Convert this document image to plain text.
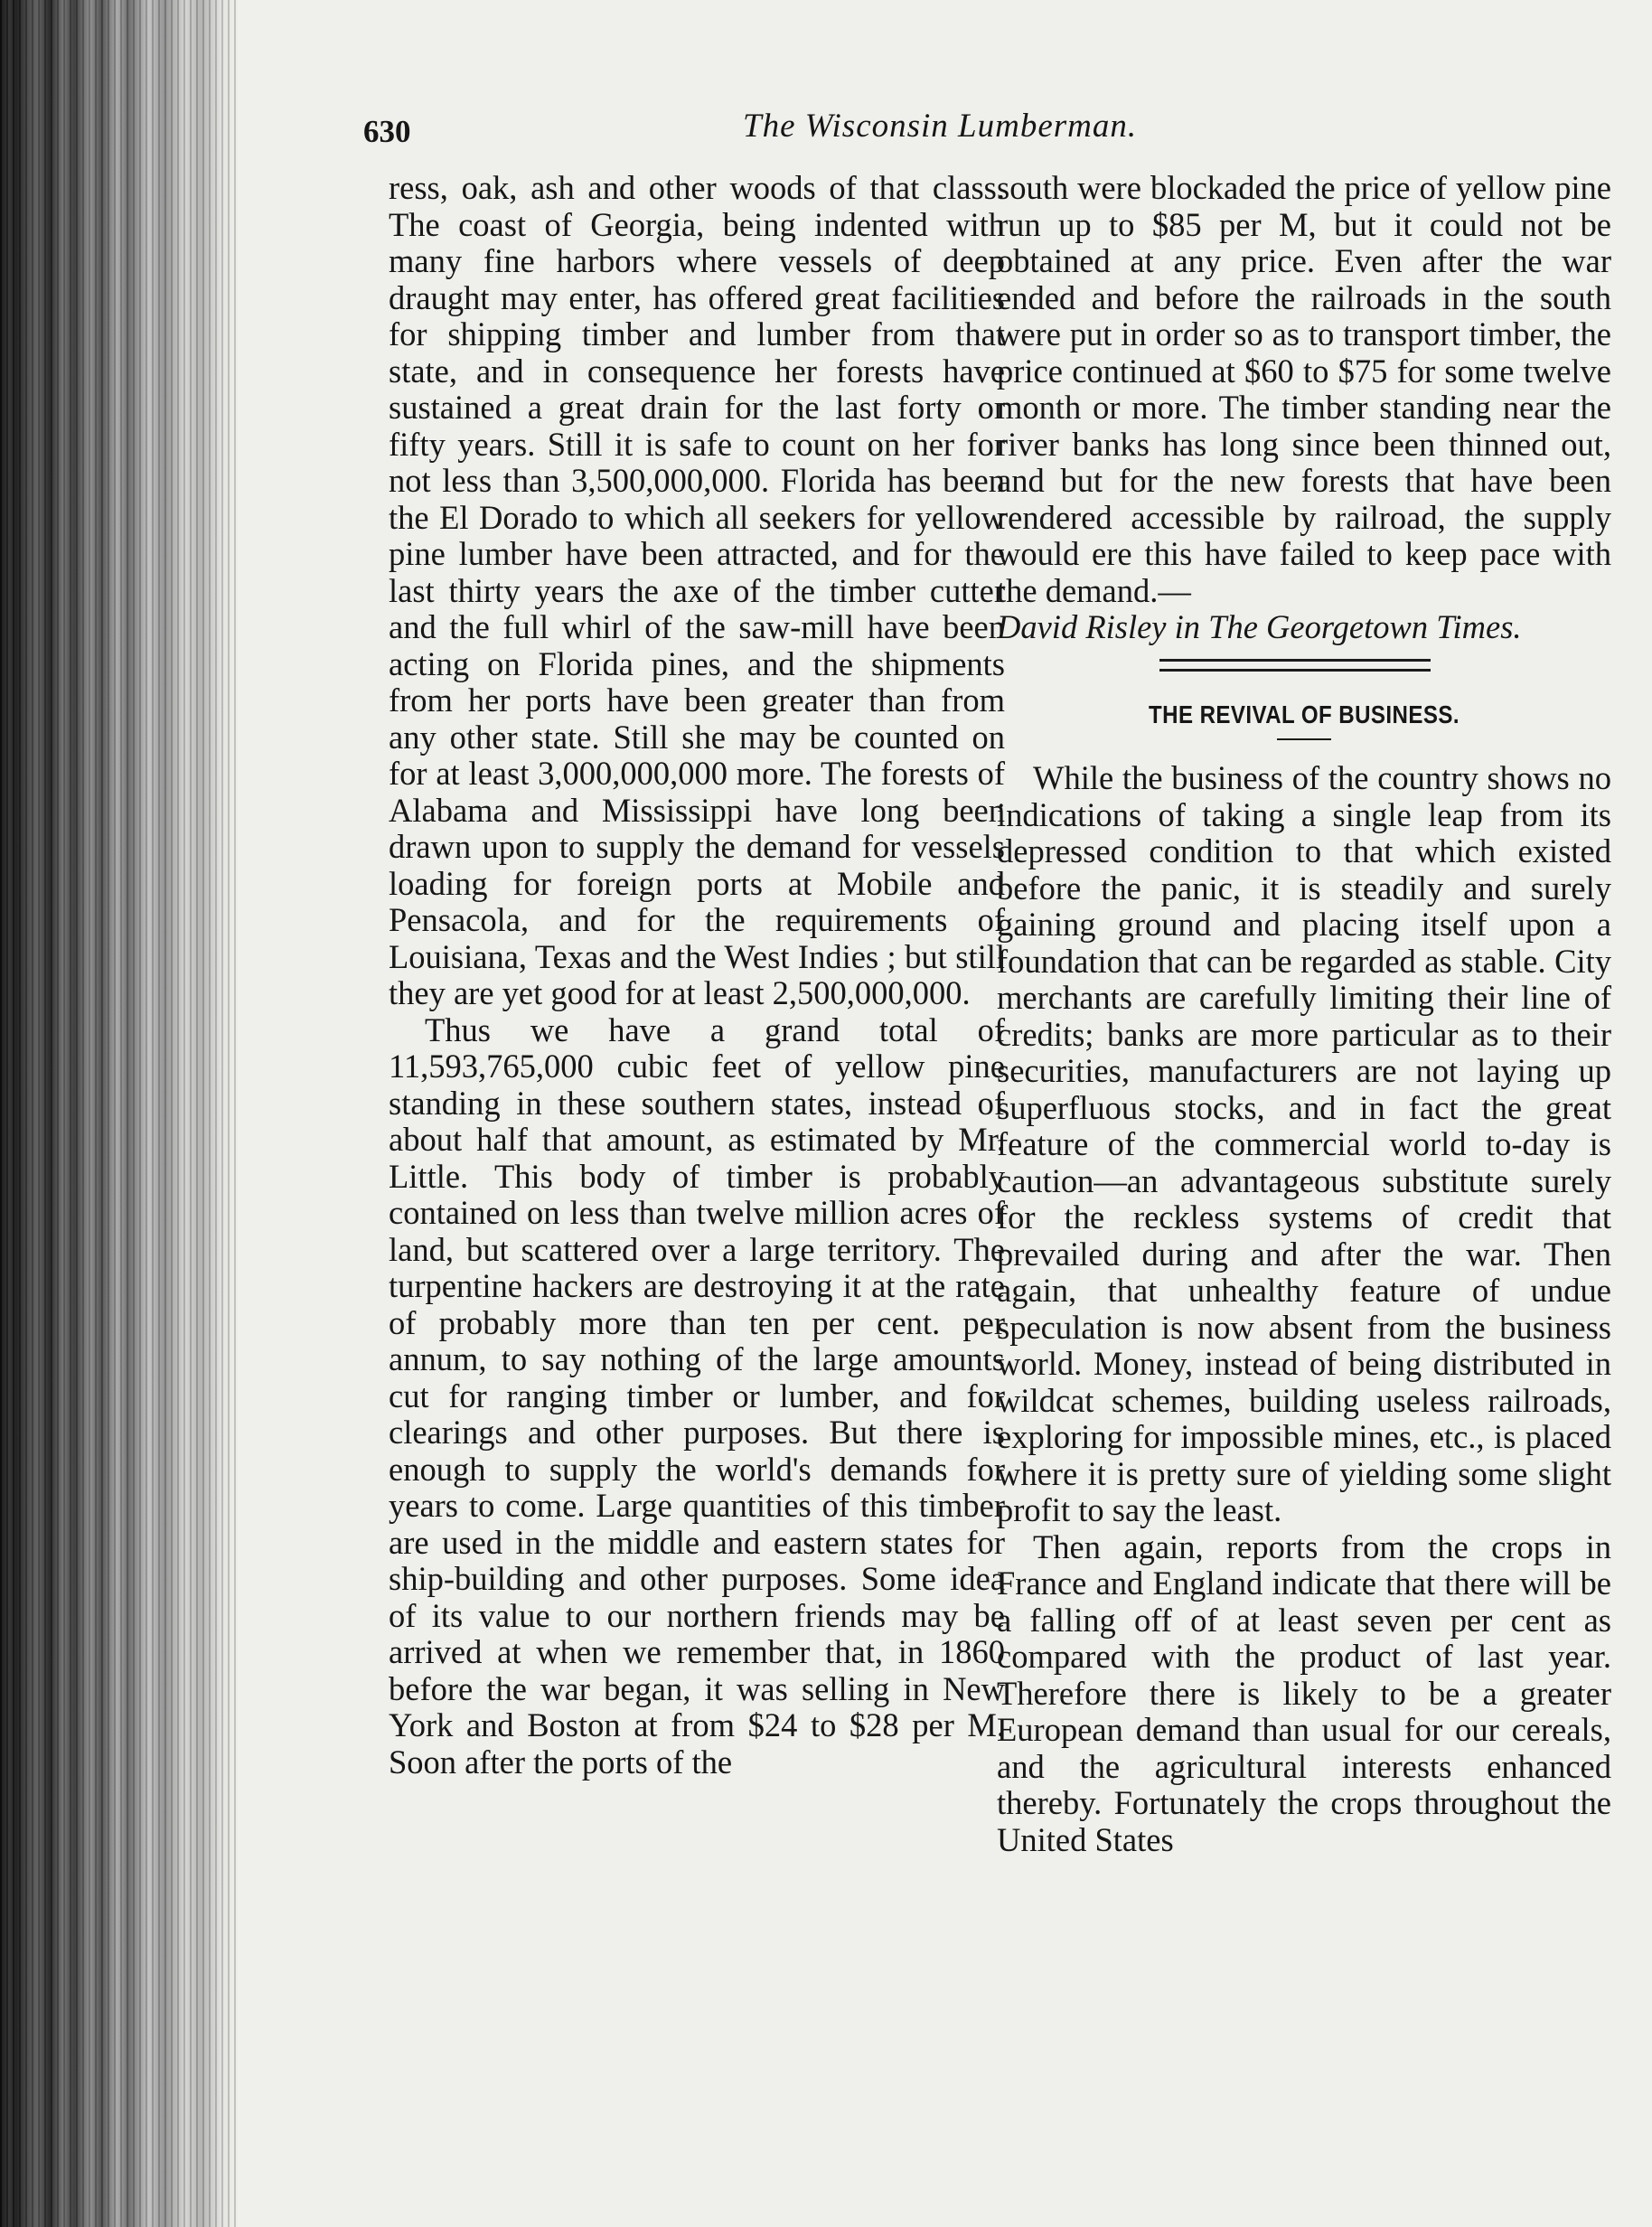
630	The Wisconsin Lumberman.

ress, oak, ash and other woods of that class. The coast of Georgia, being indented with many fine harbors where vessels of deep draught may enter, has offered great facilities for shipping timber and lumber from that state, and in consequence her forests have sustained a great drain for the last forty or fifty years. Still it is safe to count on her for not less than 3,500,000,000. Florida has been the El Dorado to which all seekers for yellow pine lumber have been attracted, and for the last thirty years the axe of the timber cutter and the full whirl of the saw-mill have been acting on Florida pines, and the shipments from her ports have been greater than from any other state. Still she may be counted on for at least 3,000,000,000 more. The forests of Alabama and Mississippi have long been drawn upon to supply the demand for vessels loading for foreign ports at Mobile and Pensacola, and for the requirements of Louisiana, Texas and the West Indies ; but still they are yet good for at least 2,500,000,000.

Thus we have a grand total of 11,593,765,000 cubic feet of yellow pine standing in these southern states, instead of about half that amount, as estimated by Mr. Little. This body of timber is probably contained on less than twelve million acres of land, but scattered over a large territory. The turpentine hackers are destroying it at the rate of probably more than ten per cent. per annum, to say nothing of the large amounts cut for ranging timber or lumber, and for clearings and other purposes. But there is enough to supply the world's demands for years to come. Large quantities of this timber are used in the middle and eastern states for ship-building and other purposes. Some idea of its value to our northern friends may be arrived at when we remember that, in 1860 before the war began, it was selling in New York and Boston at from $24 to $28 per M. Soon after the ports of the

south were blockaded the price of yellow pine run up to $85 per M, but it could not be obtained at any price. Even after the war ended and before the railroads in the south were put in order so as to transport timber, the price continued at $60 to $75 for some twelve month or more. The timber standing near the river banks has long since been thinned out, and but for the new forests that have been rendered accessible by railroad, the supply would ere this have failed to keep pace with the demand.—

David Risley in The Georgetown Times.

THE REVIVAL OF BUSINESS.

While the business of the country shows no indications of taking a single leap from its depressed condition to that which existed before the panic, it is steadily and surely gaining ground and placing itself upon a foundation that can be regarded as stable. City merchants are carefully limiting their line of credits; banks are more particular as to their securities, manufacturers are not laying up superfluous stocks, and in fact the great feature of the commercial world to-day is caution—an advantageous substitute surely for the reckless systems of credit that prevailed during and after the war. Then again, that unhealthy feature of undue speculation is now absent from the business world. Money, instead of being distributed in wildcat schemes, building useless railroads, exploring for impossible mines, etc., is placed where it is pretty sure of yielding some slight profit to say the least.

Then again, reports from the crops in France and England indicate that there will be a falling off of at least seven per cent as compared with the product of last year. Therefore there is likely to be a greater European demand than usual for our cereals, and the agricultural interests enhanced thereby. Fortunately the crops throughout the United States
